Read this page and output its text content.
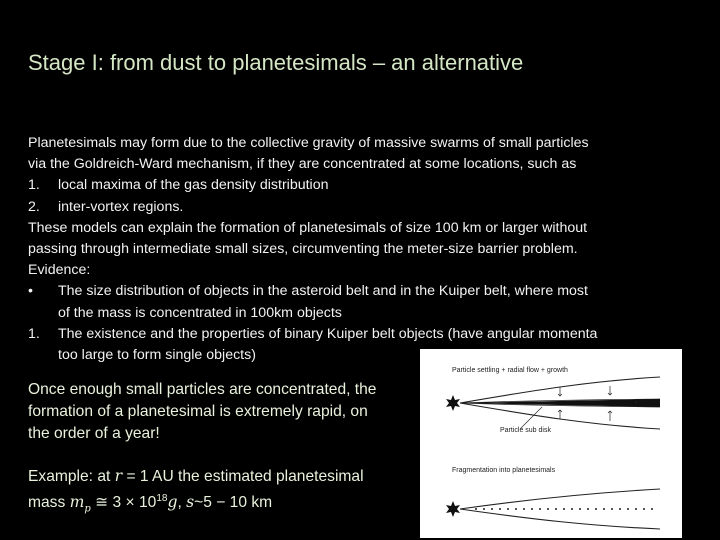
Stage I: from dust to planetesimals – an alternative
Planetesimals may form due to the collective gravity of massive swarms of small particles
via the Goldreich-Ward mechanism, if they are concentrated at some locations, such as
1.	local maxima of the gas density distribution
2.	inter-vortex regions.
These models can explain the formation of planetesimals of size 100 km or larger without
passing through intermediate small sizes, circumventing the meter-size barrier problem.
Evidence:
•	The size distribution of objects in the asteroid belt and in the Kuiper belt, where most
of the mass is concentrated in 100km objects
1.	The existence and the properties of binary Kuiper belt objects (have angular momenta
too large to form single objects)
Once enough small particles are concentrated, the
formation of a planetesimal is extremely rapid, on
the order of a year!
Example: at r = 1 AU the estimated planetesimal
mass $m_p$ ≅ $3 \times 10^{18}g$, s~5 − 10 km
Particle settling + radial flow + growth
Particle sub disk
Fragmentation into planetesimals
